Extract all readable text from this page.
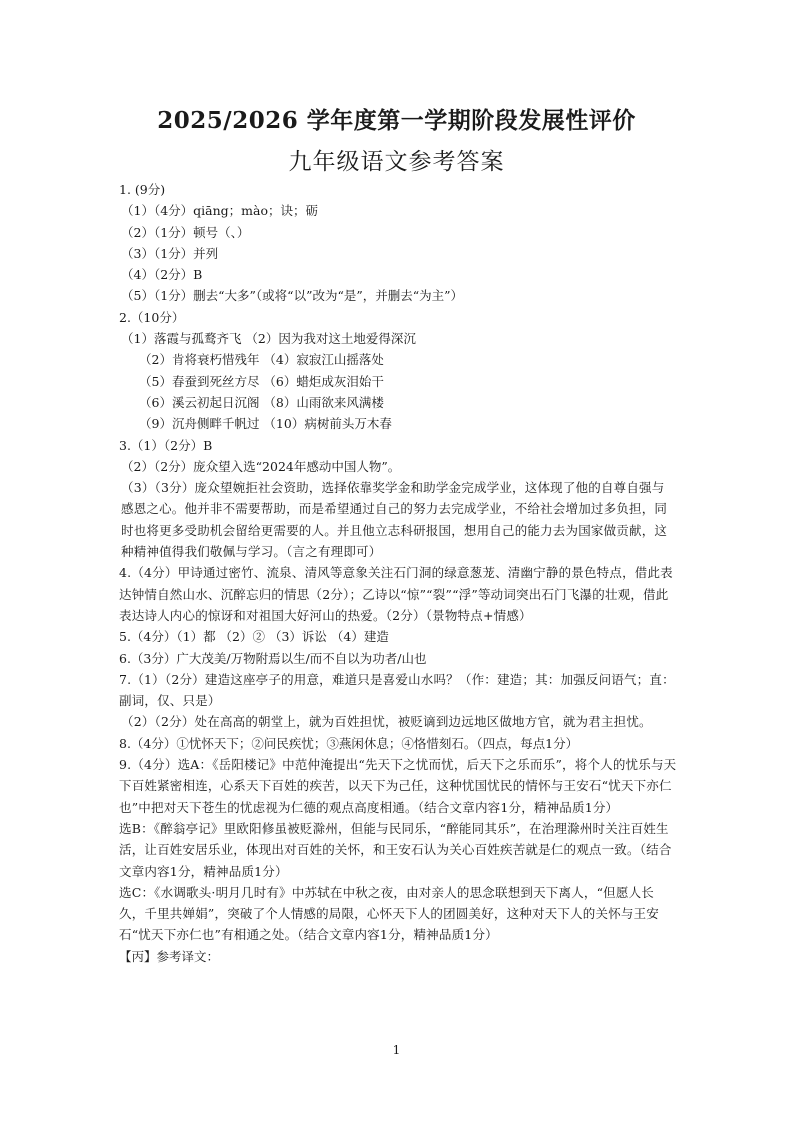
2025/2026 学年度第一学期阶段发展性评价
九年级语文参考答案
1. (9分)
（1）（4分）qiāng；mào；诀；砺
（2）（1分）顿号（、）
（3）（1分）并列
（4）（2分）B
（5）（1分）删去“大多”（或将“以”改为“是”，并删去“为主”）
2.（10分）
（1）落霞与孤鹜齐飞 （2）因为我对这土地爱得深沉
（2）肯将衰朽惜残年 （4）寂寂江山摇落处
（5）春蚕到死丝方尽 （6）蜡炬成灰泪始干
（6）溪云初起日沉阁 （8）山雨欲来风满楼
（9）沉舟侧畔千帆过 （10）病树前头万木春
3.（1）（2分）B
（2）（2分）庞众望入选“2024年感动中国人物”。
（3）（3分）庞众望婉拒社会资助，选择依靠奖学金和助学金完成学业，这体现了他的自尊自强与感恩之心。他并非不需要帮助，而是希望通过自己的努力去完成学业，不给社会增加过多负担，同时也将更多受助机会留给更需要的人。并且他立志科研报国，想用自己的能力去为国家做贡献，这种精神值得我们敬佩与学习。（言之有理即可）
4.（4分）甲诗通过密竹、流泉、清风等意象关注石门洞的绿意葱茏、清幽宁静的景色特点，借此表达钟情自然山水、沉醉忘归的情思（2分）；乙诗以“惊”“裂”“浮”等动词突出石门飞瀑的壮观，借此表达诗人内心的惊讶和对祖国大好河山的热爱。（2分）（景物特点+情感）
5.（4分）（1）都 （2）② （3）诉讼 （4）建造
6.（3分）广大茂美/万物附焉以生/而不自以为功者/山也
7.（1）（2分）建造这座亭子的用意，难道只是喜爱山水吗？（作：建造；其：加强反问语气；直：副词，仅、只是）
（2）（2分）处在高高的朝堂上，就为百姓担忧，被贬谪到边远地区做地方官，就为君主担忧。
8.（4分）①忧怀天下；②问民疾忧；③燕闲休息；④恪惜刻石。（四点，每点1分）
9.（4分）选A：《岳阳楼记》中范仲淹提出“先天下之忧而忧，后天下之乐而乐”，将个人的忧乐与天下百姓紧密相连，心系天下百姓的疾苦，以天下为己任，这种忧国忧民的情怀与王安石“忧天下亦仁也”中把对天下苍生的忧虑视为仁德的观点高度相通。（结合文章内容1分，精神品质1分）
选B：《醉翁亭记》里欧阳修虽被贬滁州，但能与民同乐，“醉能同其乐”，在治理滁州时关注百姓生活，让百姓安居乐业，体现出对百姓的关怀，和王安石认为关心百姓疾苦就是仁的观点一致。（结合文章内容1分，精神品质1分）
选C：《水调歌头·明月几时有》中苏轼在中秋之夜，由对亲人的思念联想到天下离人，“但愿人长久，千里共婵娟”，突破了个人情感的局限，心怀天下人的团圆美好，这种对天下人的关怀与王安石“忧天下亦仁也”有相通之处。（结合文章内容1分，精神品质1分）
【丙】参考译文：
1
